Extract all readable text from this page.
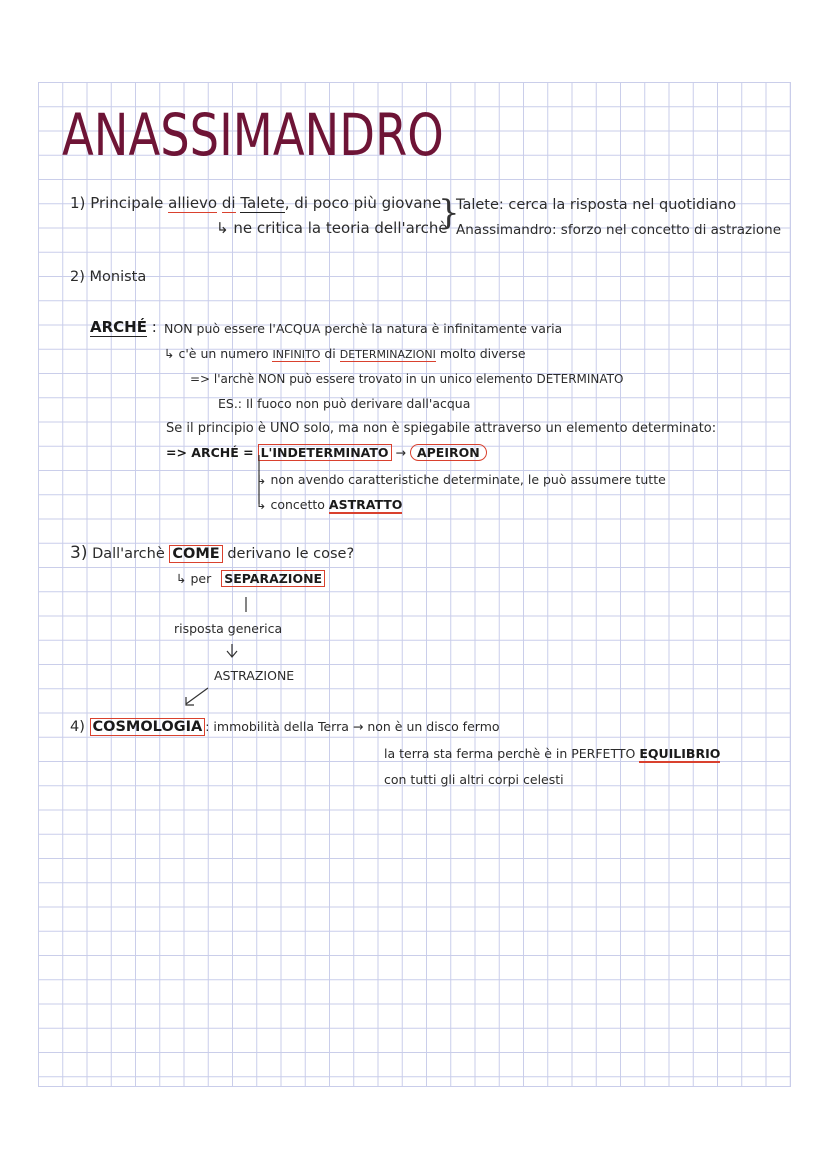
ANASSIMANDRO
1) Principale allievo di Talete, di poco più giovane
↳ ne critica la teoria dell'archè
}
Talete: cerca la risposta nel quotidiano
Anassimandro: sforzo nel concetto di astrazione
2) Monista
ARCHÉ : NON può essere l'ACQUA perchè la natura è infinitamente varia
↳ c'è un numero INFINITO di DETERMINAZIONI molto diverse
=> l'archè NON può essere trovato in un unico elemento DETERMINATO
ES.: Il fuoco non può derivare dall'acqua
Se il principio è UNO solo, ma non è spiegabile attraverso un elemento determinato:
=> ARCHÉ = L'INDETERMINATO → APEIRON
↳ non avendo caratteristiche determinate, le può assumere tutte
↳ concetto ASTRATTO
3) Dall'archè COME derivano le cose?
↳ per SEPARAZIONE
risposta generica
ASTRAZIONE
4) COSMOLOGIA : immobilità della Terra → non è un disco fermo
la terra sta ferma perchè è in PERFETTO EQUILIBRIO
con tutti gli altri corpi celesti
